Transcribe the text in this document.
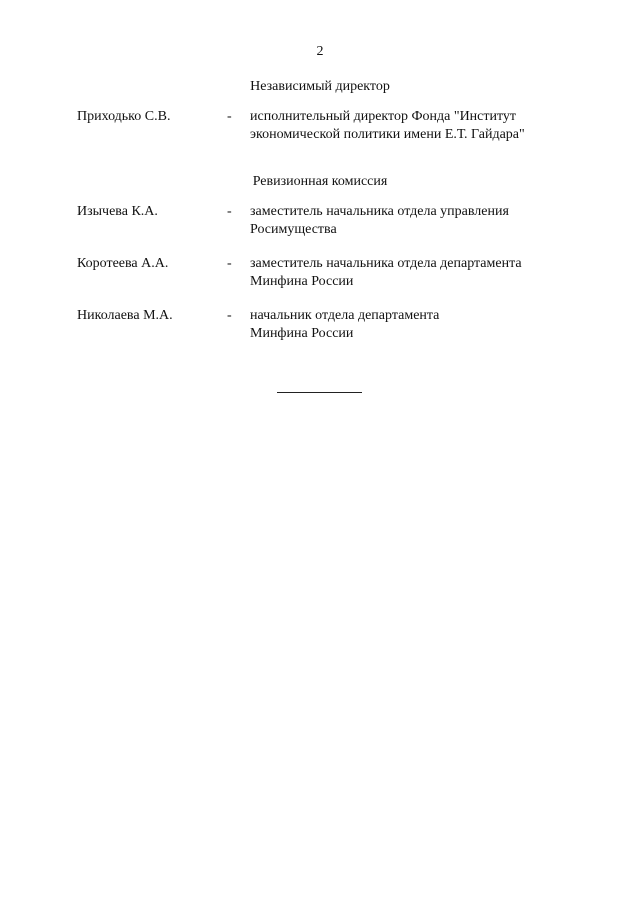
2
Независимый директор
Приходько С.В.	- исполнительный директор Фонда "Институт
экономической политики имени Е.Т. Гайдара"
Ревизионная комиссия
Изычева К.А.	- заместитель начальника отдела управления
Росимущества
Коротеева А.А.	- заместитель начальника отдела департамента
Минфина России
Николаева М.А.	- начальник отдела департамента
Минфина России
